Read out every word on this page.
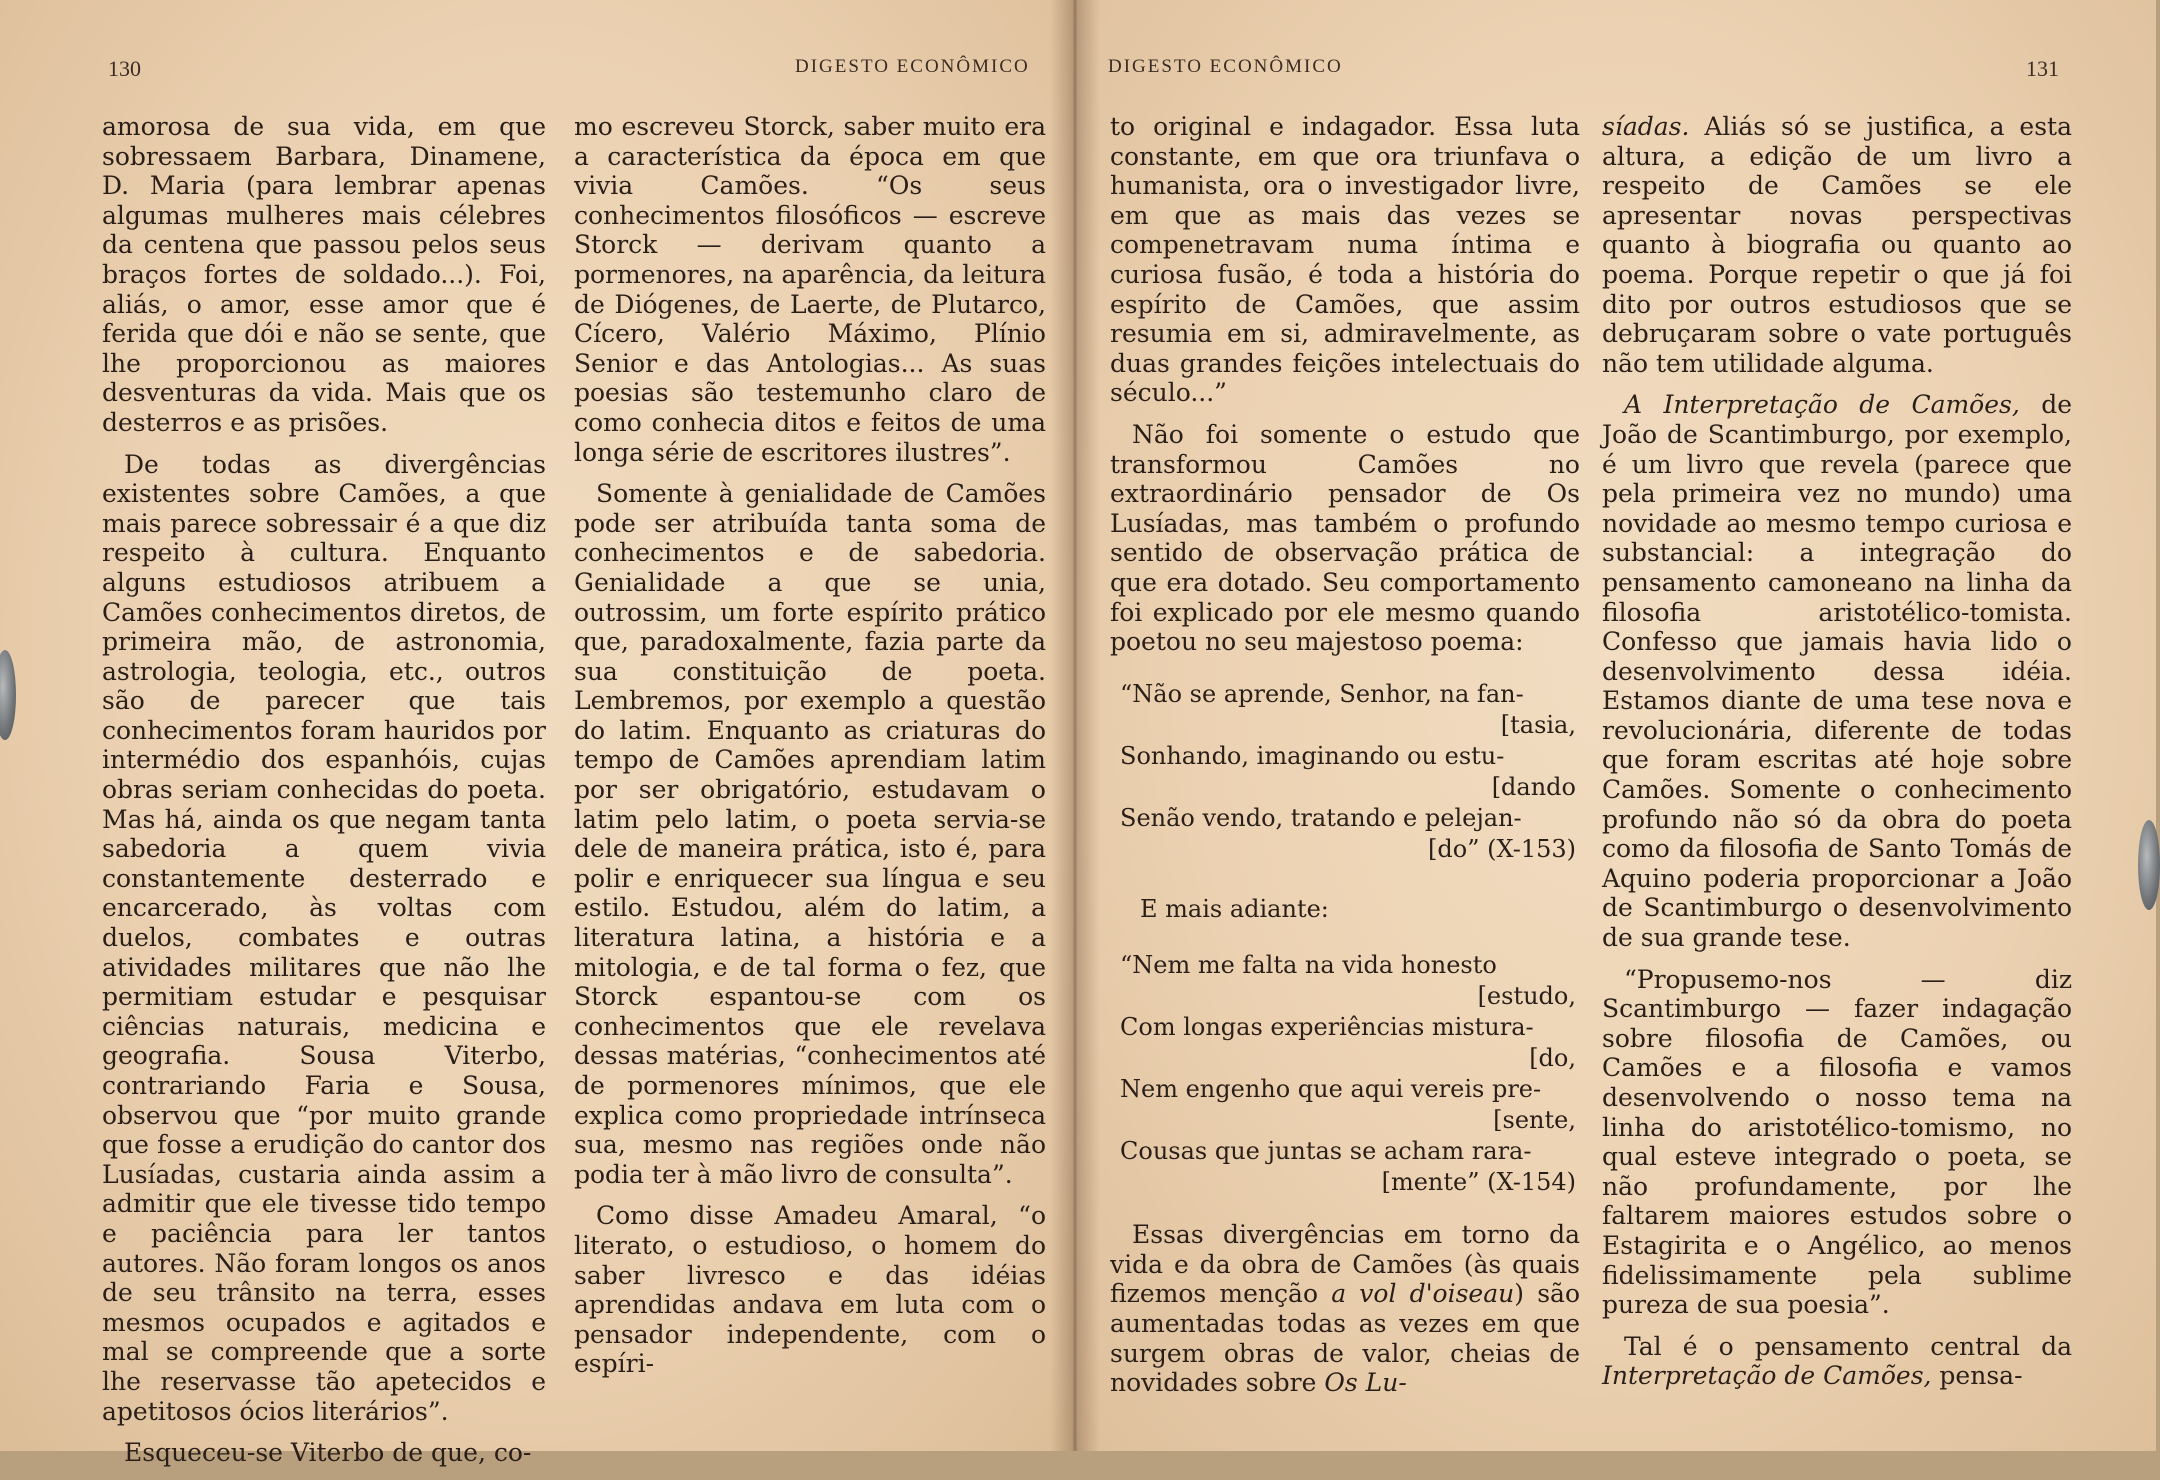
130	DIGESTO ECONÔMICO

amorosa de sua vida, em que sobressaem Barbara, Dinamene, D. Maria (para lembrar apenas algumas mulheres mais célebres da centena que passou pelos seus braços fortes de soldado...). Foi, aliás, o amor, esse amor que é ferida que dói e não se sente, que lhe proporcionou as maiores desventuras da vida. Mais que os desterros e as prisões.

De todas as divergências existentes sobre Camões, a que mais parece sobressair é a que diz respeito à cultura. Enquanto alguns estudiosos atribuem a Camões conhecimentos diretos, de primeira mão, de astronomia, astrologia, teologia, etc., outros são de parecer que tais conhecimentos foram hauridos por intermédio dos espanhóis, cujas obras seriam conhecidas do poeta. Mas há, ainda os que negam tanta sabedoria a quem vivia constantemente desterrado e encarcerado, às voltas com duelos, combates e outras atividades militares que não lhe permitiam estudar e pesquisar ciências naturais, medicina e geografia. Sousa Viterbo, contrariando Faria e Sousa, observou que “por muito grande que fosse a erudição do cantor dos Lusíadas, custaria ainda assim a admitir que ele tivesse tido tempo e paciência para ler tantos autores. Não foram longos os anos de seu trânsito na terra, esses mesmos ocupados e agitados e mal se compreende que a sorte lhe reservasse tão apetecidos e apetitosos ócios literários”.

Esqueceu-se Viterbo de que, co-

mo escreveu Storck, saber muito era a característica da época em que vivia Camões. “Os seus conhecimentos filosóficos — escreve Storck — derivam quanto a pormenores, na aparência, da leitura de Diógenes, de Laerte, de Plutarco, Cícero, Valério Máximo, Plínio Senior e das Antologias... As suas poesias são testemunho claro de como conhecia ditos e feitos de uma longa série de escritores ilustres”.

Somente à genialidade de Camões pode ser atribuída tanta soma de conhecimentos e de sabedoria. Genialidade a que se unia, outrossim, um forte espírito prático que, paradoxalmente, fazia parte da sua constituição de poeta. Lembremos, por exemplo a questão do latim. Enquanto as criaturas do tempo de Camões aprendiam latim por ser obrigatório, estudavam o latim pelo latim, o poeta servia-se dele de maneira prática, isto é, para polir e enriquecer sua língua e seu estilo. Estudou, além do latim, a literatura latina, a história e a mitologia, e de tal forma o fez, que Storck espantou-se com os conhecimentos que ele revelava dessas matérias, “conhecimentos até de pormenores mínimos, que ele explica como propriedade intrínseca sua, mesmo nas regiões onde não podia ter à mão livro de consulta”.

Como disse Amadeu Amaral, “o literato, o estudioso, o homem do saber livresco e das idéias aprendidas andava em luta com o pensador independente, com o espíri-

DIGESTO ECONÔMICO	131

to original e indagador. Essa luta constante, em que ora triunfava o humanista, ora o investigador livre, em que as mais das vezes se compenetravam numa íntima e curiosa fusão, é toda a história do espírito de Camões, que assim resumia em si, admiravelmente, as duas grandes feições intelectuais do século...”

Não foi somente o estudo que transformou Camões no extraordinário pensador de Os Lusíadas, mas também o profundo sentido de observação prática de que era dotado. Seu comportamento foi explicado por ele mesmo quando poetou no seu majestoso poema:

“Não se aprende, Senhor, na fan-
[tasia,
Sonhando, imaginando ou estu-
[dando
Senão vendo, tratando e pelejan-
[do” (X-153)
E mais adiante:
“Nem me falta na vida honesto
[estudo,
Com longas experiências mistura-
[do,
Nem engenho que aqui vereis pre-
[sente,
Cousas que juntas se acham rara-
[mente” (X-154)

Essas divergências em torno da vida e da obra de Camões (às quais fizemos menção a vol d'oiseau) são aumentadas todas as vezes em que surgem obras de valor, cheias de novidades sobre Os Lu-

síadas. Aliás só se justifica, a esta altura, a edição de um livro a respeito de Camões se ele apresentar novas perspectivas quanto à biografia ou quanto ao poema. Porque repetir o que já foi dito por outros estudiosos que se debruçaram sobre o vate português não tem utilidade alguma.

A Interpretação de Camões, de João de Scantimburgo, por exemplo, é um livro que revela (parece que pela primeira vez no mundo) uma novidade ao mesmo tempo curiosa e substancial: a integração do pensamento camoneano na linha da filosofia aristotélico-tomista. Confesso que jamais havia lido o desenvolvimento dessa idéia. Estamos diante de uma tese nova e revolucionária, diferente de todas que foram escritas até hoje sobre Camões. Somente o conhecimento profundo não só da obra do poeta como da filosofia de Santo Tomás de Aquino poderia proporcionar a João de Scantimburgo o desenvolvimento de sua grande tese.

“Propusemo-nos — diz Scantimburgo — fazer indagação sobre filosofia de Camões, ou Camões e a filosofia e vamos desenvolvendo o nosso tema na linha do aristotélico-tomismo, no qual esteve integrado o poeta, se não profundamente, por lhe faltarem maiores estudos sobre o Estagirita e o Angélico, ao menos fidelissimamente pela sublime pureza de sua poesia”.

Tal é o pensamento central da Interpretação de Camões, pensa-
